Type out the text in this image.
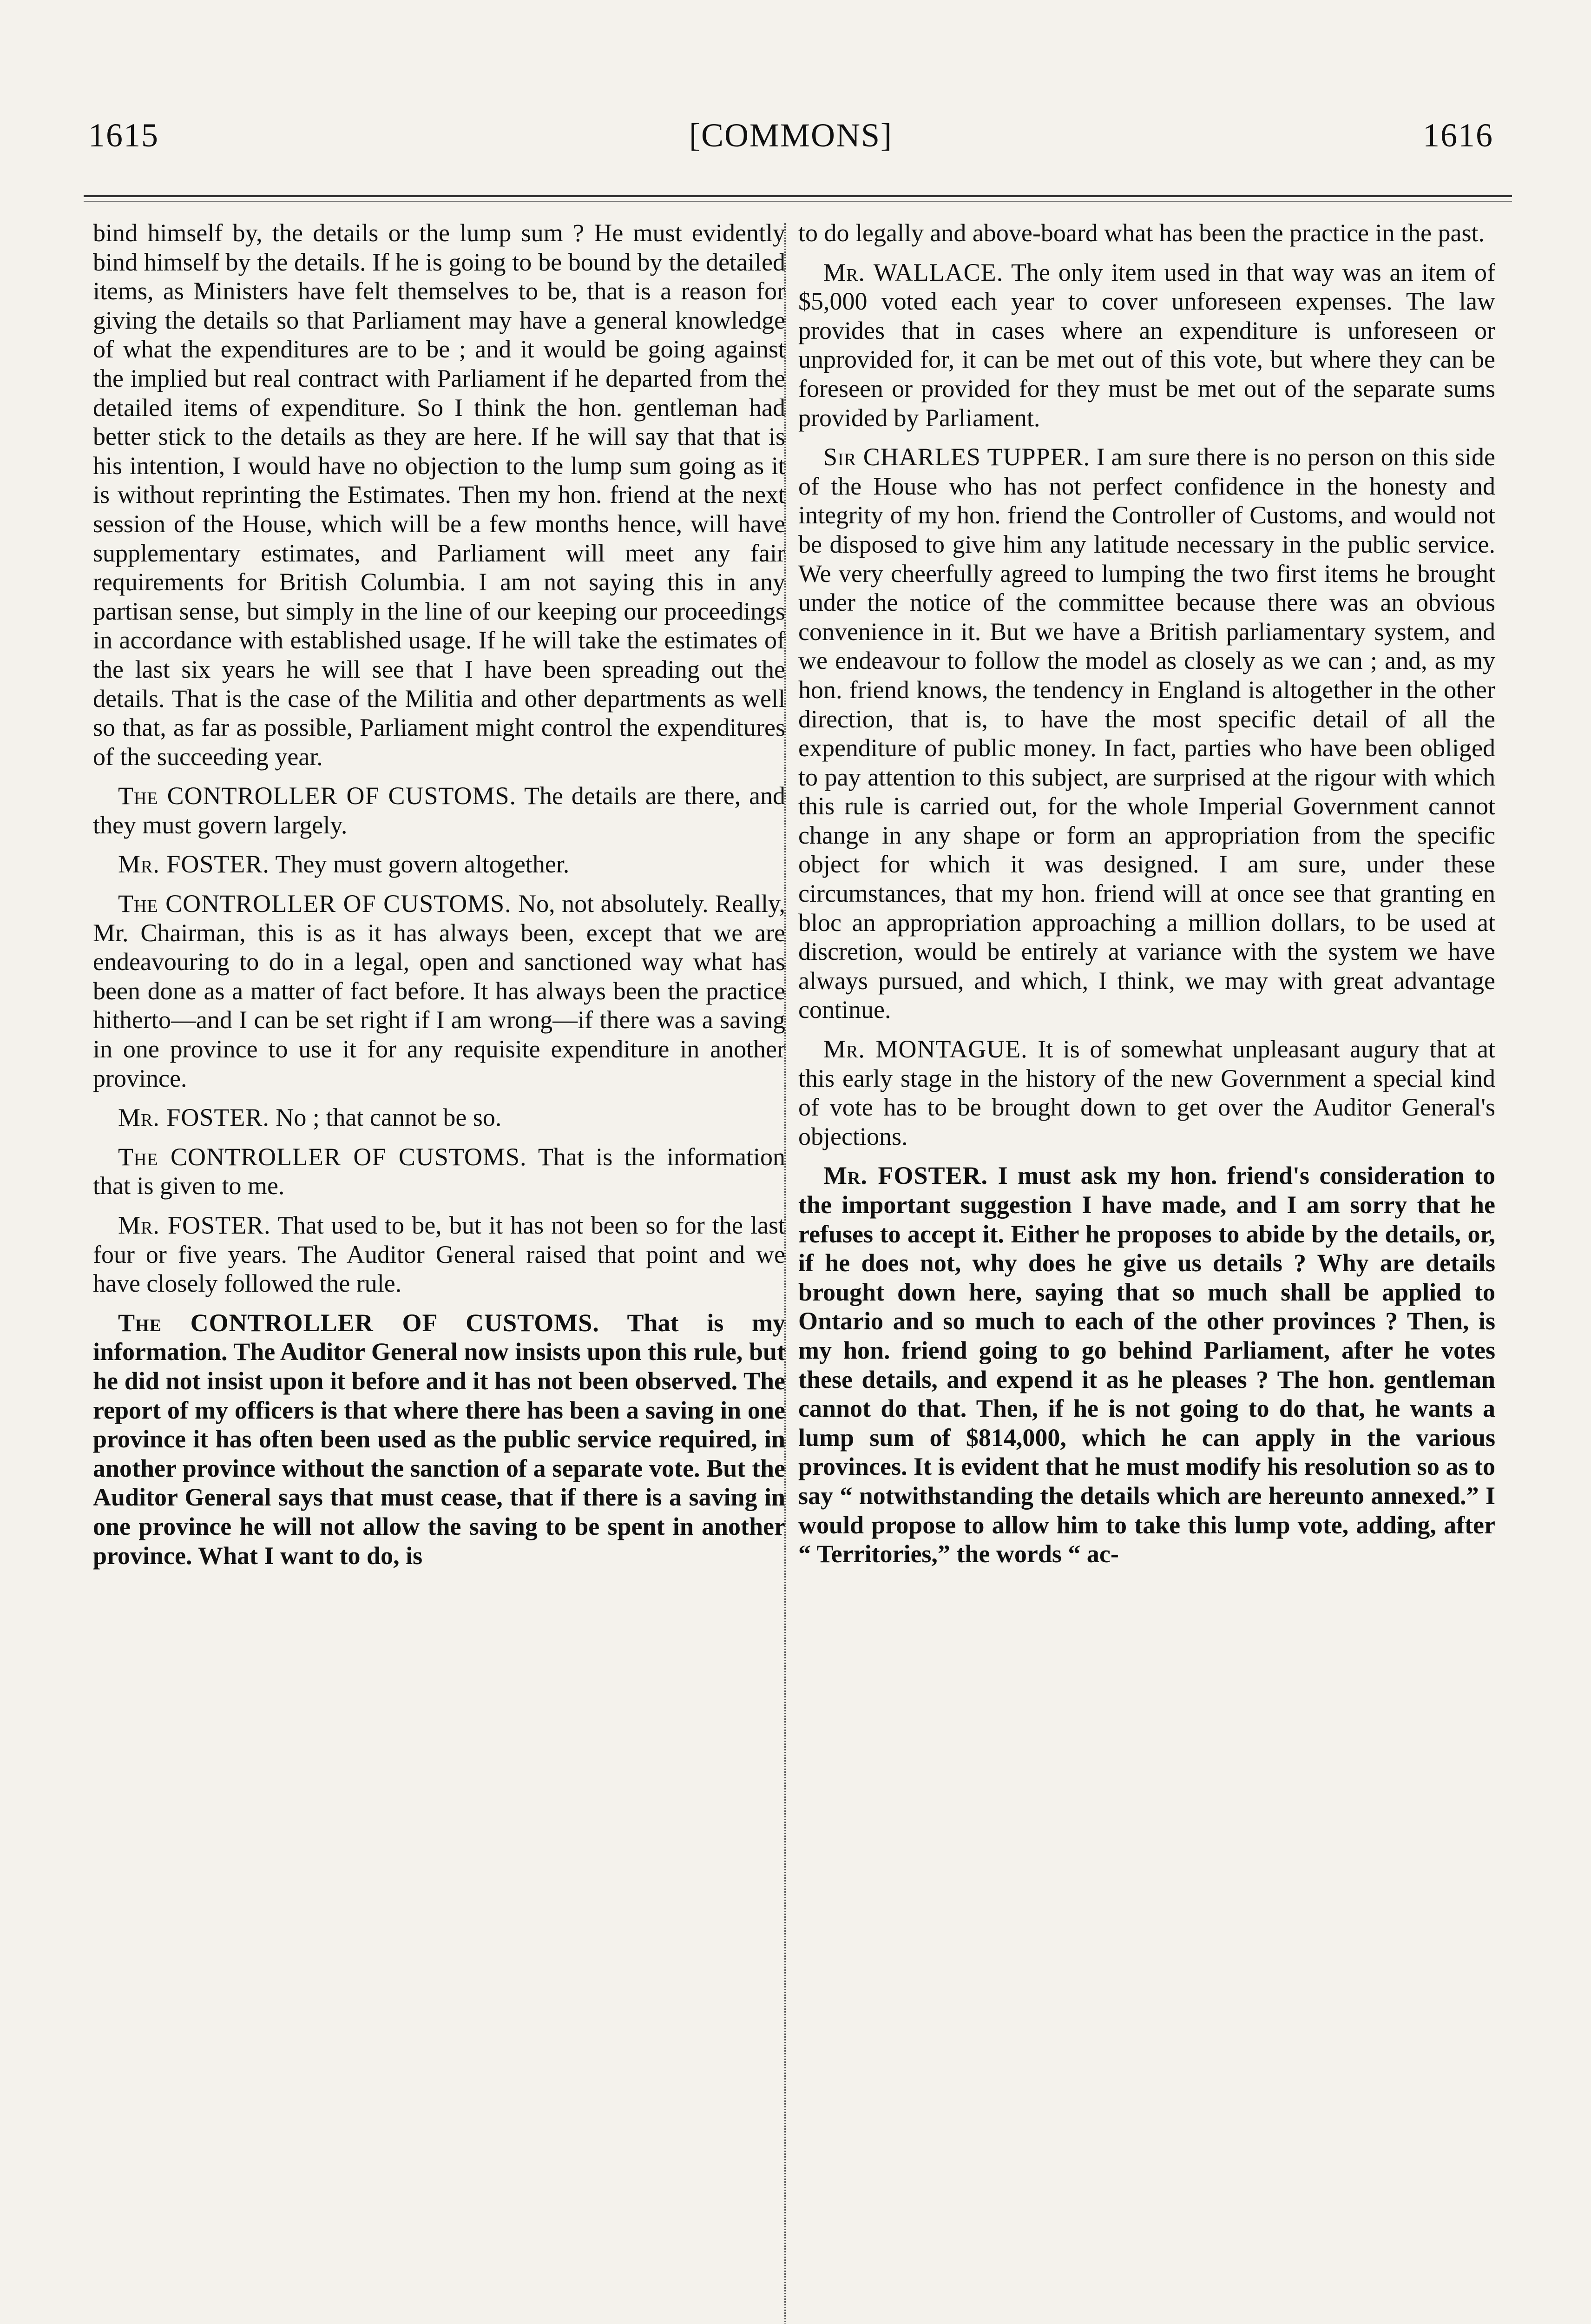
1615	[COMMONS]	1616

bind himself by, the details or the lump sum ? He must evidently bind himself by the details. If he is going to be bound by the detailed items, as Ministers have felt themselves to be, that is a reason for giving the details so that Parliament may have a general knowledge of what the expenditures are to be ; and it would be going against the implied but real contract with Parliament if he departed from the detailed items of expenditure. So I think the hon. gentleman had better stick to the details as they are here. If he will say that that is his intention, I would have no objection to the lump sum going as it is without reprinting the Estimates. Then my hon. friend at the next session of the House, which will be a few months hence, will have supplementary estimates, and Parliament will meet any fair requirements for British Columbia. I am not saying this in any partisan sense, but simply in the line of our keeping our proceedings in accordance with established usage. If he will take the estimates of the last six years he will see that I have been spreading out the details. That is the case of the Militia and other departments as well so that, as far as possible, Parliament might control the expenditures of the succeeding year.

The CONTROLLER OF CUSTOMS. The details are there, and they must govern largely.

Mr. FOSTER. They must govern altogether.

The CONTROLLER OF CUSTOMS. No, not absolutely. Really, Mr. Chairman, this is as it has always been, except that we are endeavouring to do in a legal, open and sanctioned way what has been done as a matter of fact before. It has always been the practice hitherto—and I can be set right if I am wrong—if there was a saving in one province to use it for any requisite expenditure in another province.

Mr. FOSTER. No ; that cannot be so.

The CONTROLLER OF CUSTOMS. That is the information that is given to me.

Mr. FOSTER. That used to be, but it has not been so for the last four or five years. The Auditor General raised that point and we have closely followed the rule.

The CONTROLLER OF CUSTOMS. That is my information. The Auditor General now insists upon this rule, but he did not insist upon it before and it has not been observed. The report of my officers is that where there has been a saving in one province it has often been used as the public service required, in another province without the sanction of a separate vote. But the Auditor General says that must cease, that if there is a saving in one province he will not allow the saving to be spent in another province. What I want to do, is

to do legally and above-board what has been the practice in the past.

Mr. WALLACE. The only item used in that way was an item of $5,000 voted each year to cover unforeseen expenses. The law provides that in cases where an expenditure is unforeseen or unprovided for, it can be met out of this vote, but where they can be foreseen or provided for they must be met out of the separate sums provided by Parliament.

Sir CHARLES TUPPER. I am sure there is no person on this side of the House who has not perfect confidence in the honesty and integrity of my hon. friend the Controller of Customs, and would not be disposed to give him any latitude necessary in the public service. We very cheerfully agreed to lumping the two first items he brought under the notice of the committee because there was an obvious convenience in it. But we have a British parliamentary system, and we endeavour to follow the model as closely as we can ; and, as my hon. friend knows, the tendency in England is altogether in the other direction, that is, to have the most specific detail of all the expenditure of public money. In fact, parties who have been obliged to pay attention to this subject, are surprised at the rigour with which this rule is carried out, for the whole Imperial Government cannot change in any shape or form an appropriation from the specific object for which it was designed. I am sure, under these circumstances, that my hon. friend will at once see that granting en bloc an appropriation approaching a million dollars, to be used at discretion, would be entirely at variance with the system we have always pursued, and which, I think, we may with great advantage continue.

Mr. MONTAGUE. It is of somewhat unpleasant augury that at this early stage in the history of the new Government a special kind of vote has to be brought down to get over the Auditor General's objections.

Mr. FOSTER. I must ask my hon. friend's consideration to the important suggestion I have made, and I am sorry that he refuses to accept it. Either he proposes to abide by the details, or, if he does not, why does he give us details ? Why are details brought down here, saying that so much shall be applied to Ontario and so much to each of the other provinces ? Then, is my hon. friend going to go behind Parliament, after he votes these details, and expend it as he pleases ? The hon. gentleman cannot do that. Then, if he is not going to do that, he wants a lump sum of $814,000, which he can apply in the various provinces. It is evident that he must modify his resolution so as to say “ notwithstanding the details which are hereunto annexed.” I would propose to allow him to take this lump vote, adding, after “ Territories,” the words “ ac-
